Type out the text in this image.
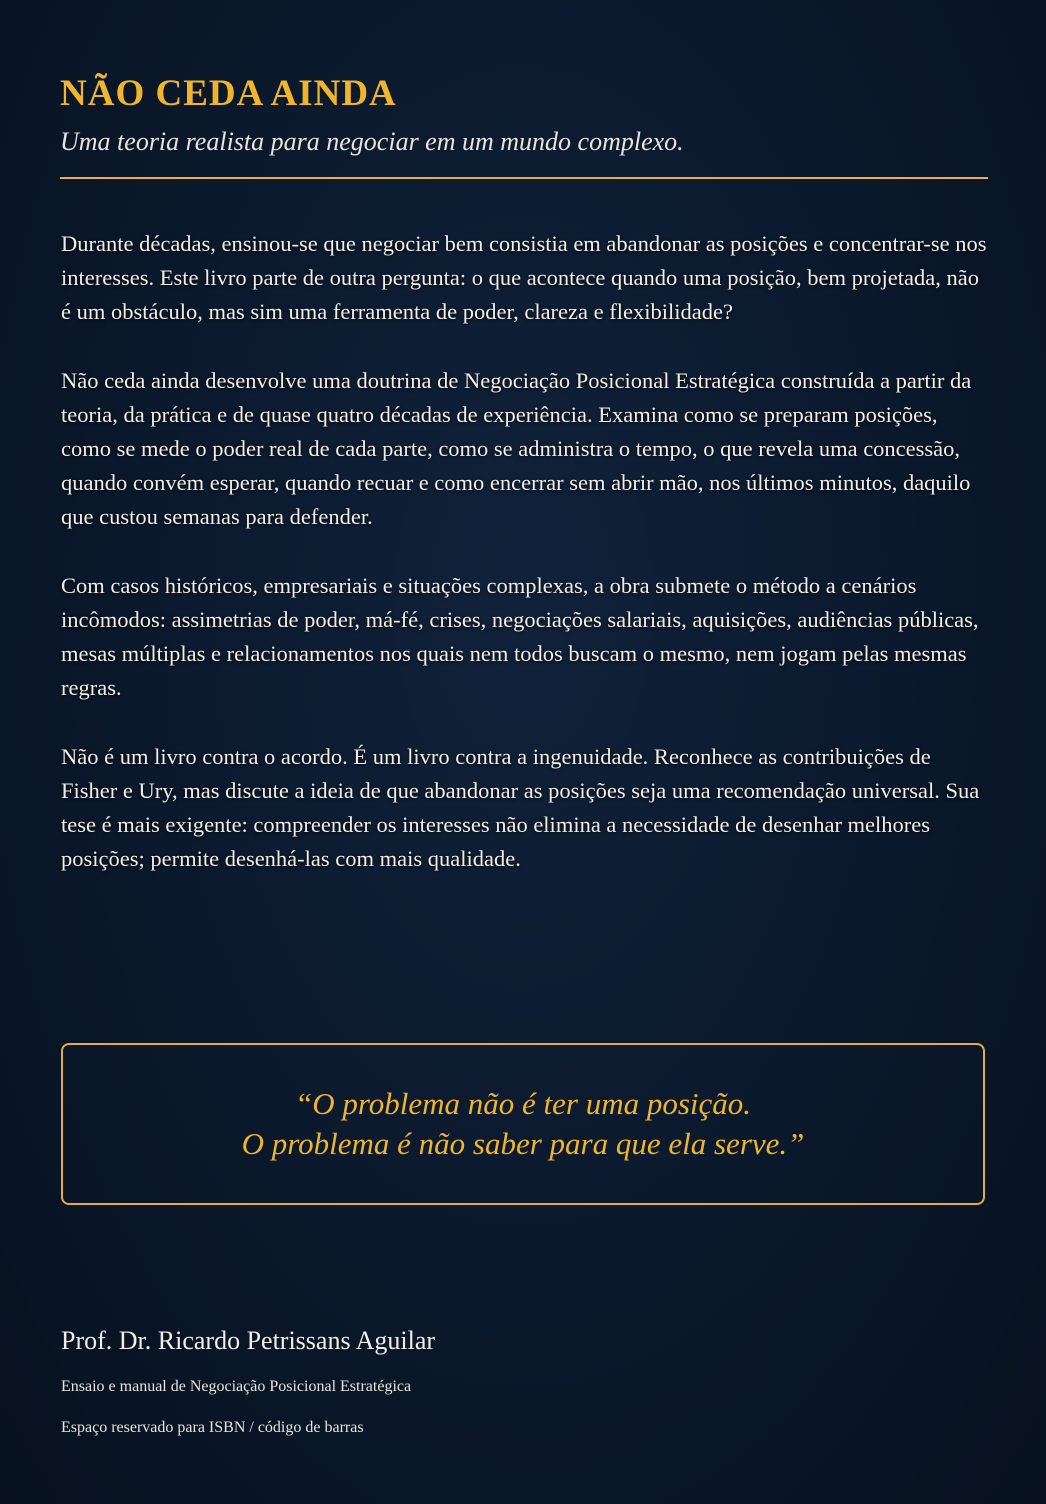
NÃO CEDA AINDA

Uma teoria realista para negociar em um mundo complexo.

Durante décadas, ensinou-se que negociar bem consistia em abandonar as posições e concentrar-se nos interesses. Este livro parte de outra pergunta: o que acontece quando uma posição, bem projetada, não é um obstáculo, mas sim uma ferramenta de poder, clareza e flexibilidade?

Não ceda ainda desenvolve uma doutrina de Negociação Posicional Estratégica construída a partir da teoria, da prática e de quase quatro décadas de experiência. Examina como se preparam posições, como se mede o poder real de cada parte, como se administra o tempo, o que revela uma concessão, quando convém esperar, quando recuar e como encerrar sem abrir mão, nos últimos minutos, daquilo que custou semanas para defender.

Com casos históricos, empresariais e situações complexas, a obra submete o método a cenários incômodos: assimetrias de poder, má-fé, crises, negociações salariais, aquisições, audiências públicas, mesas múltiplas e relacionamentos nos quais nem todos buscam o mesmo, nem jogam pelas mesmas regras.

Não é um livro contra o acordo. É um livro contra a ingenuidade. Reconhece as contribuições de Fisher e Ury, mas discute a ideia de que abandonar as posições seja uma recomendação universal. Sua tese é mais exigente: compreender os interesses não elimina a necessidade de desenhar melhores posições; permite desenhá-las com mais qualidade.

“O problema não é ter uma posição.
O problema é não saber para que ela serve.”

Prof. Dr. Ricardo Petrissans Aguilar

Ensaio e manual de Negociação Posicional Estratégica
Espaço reservado para ISBN / código de barras
